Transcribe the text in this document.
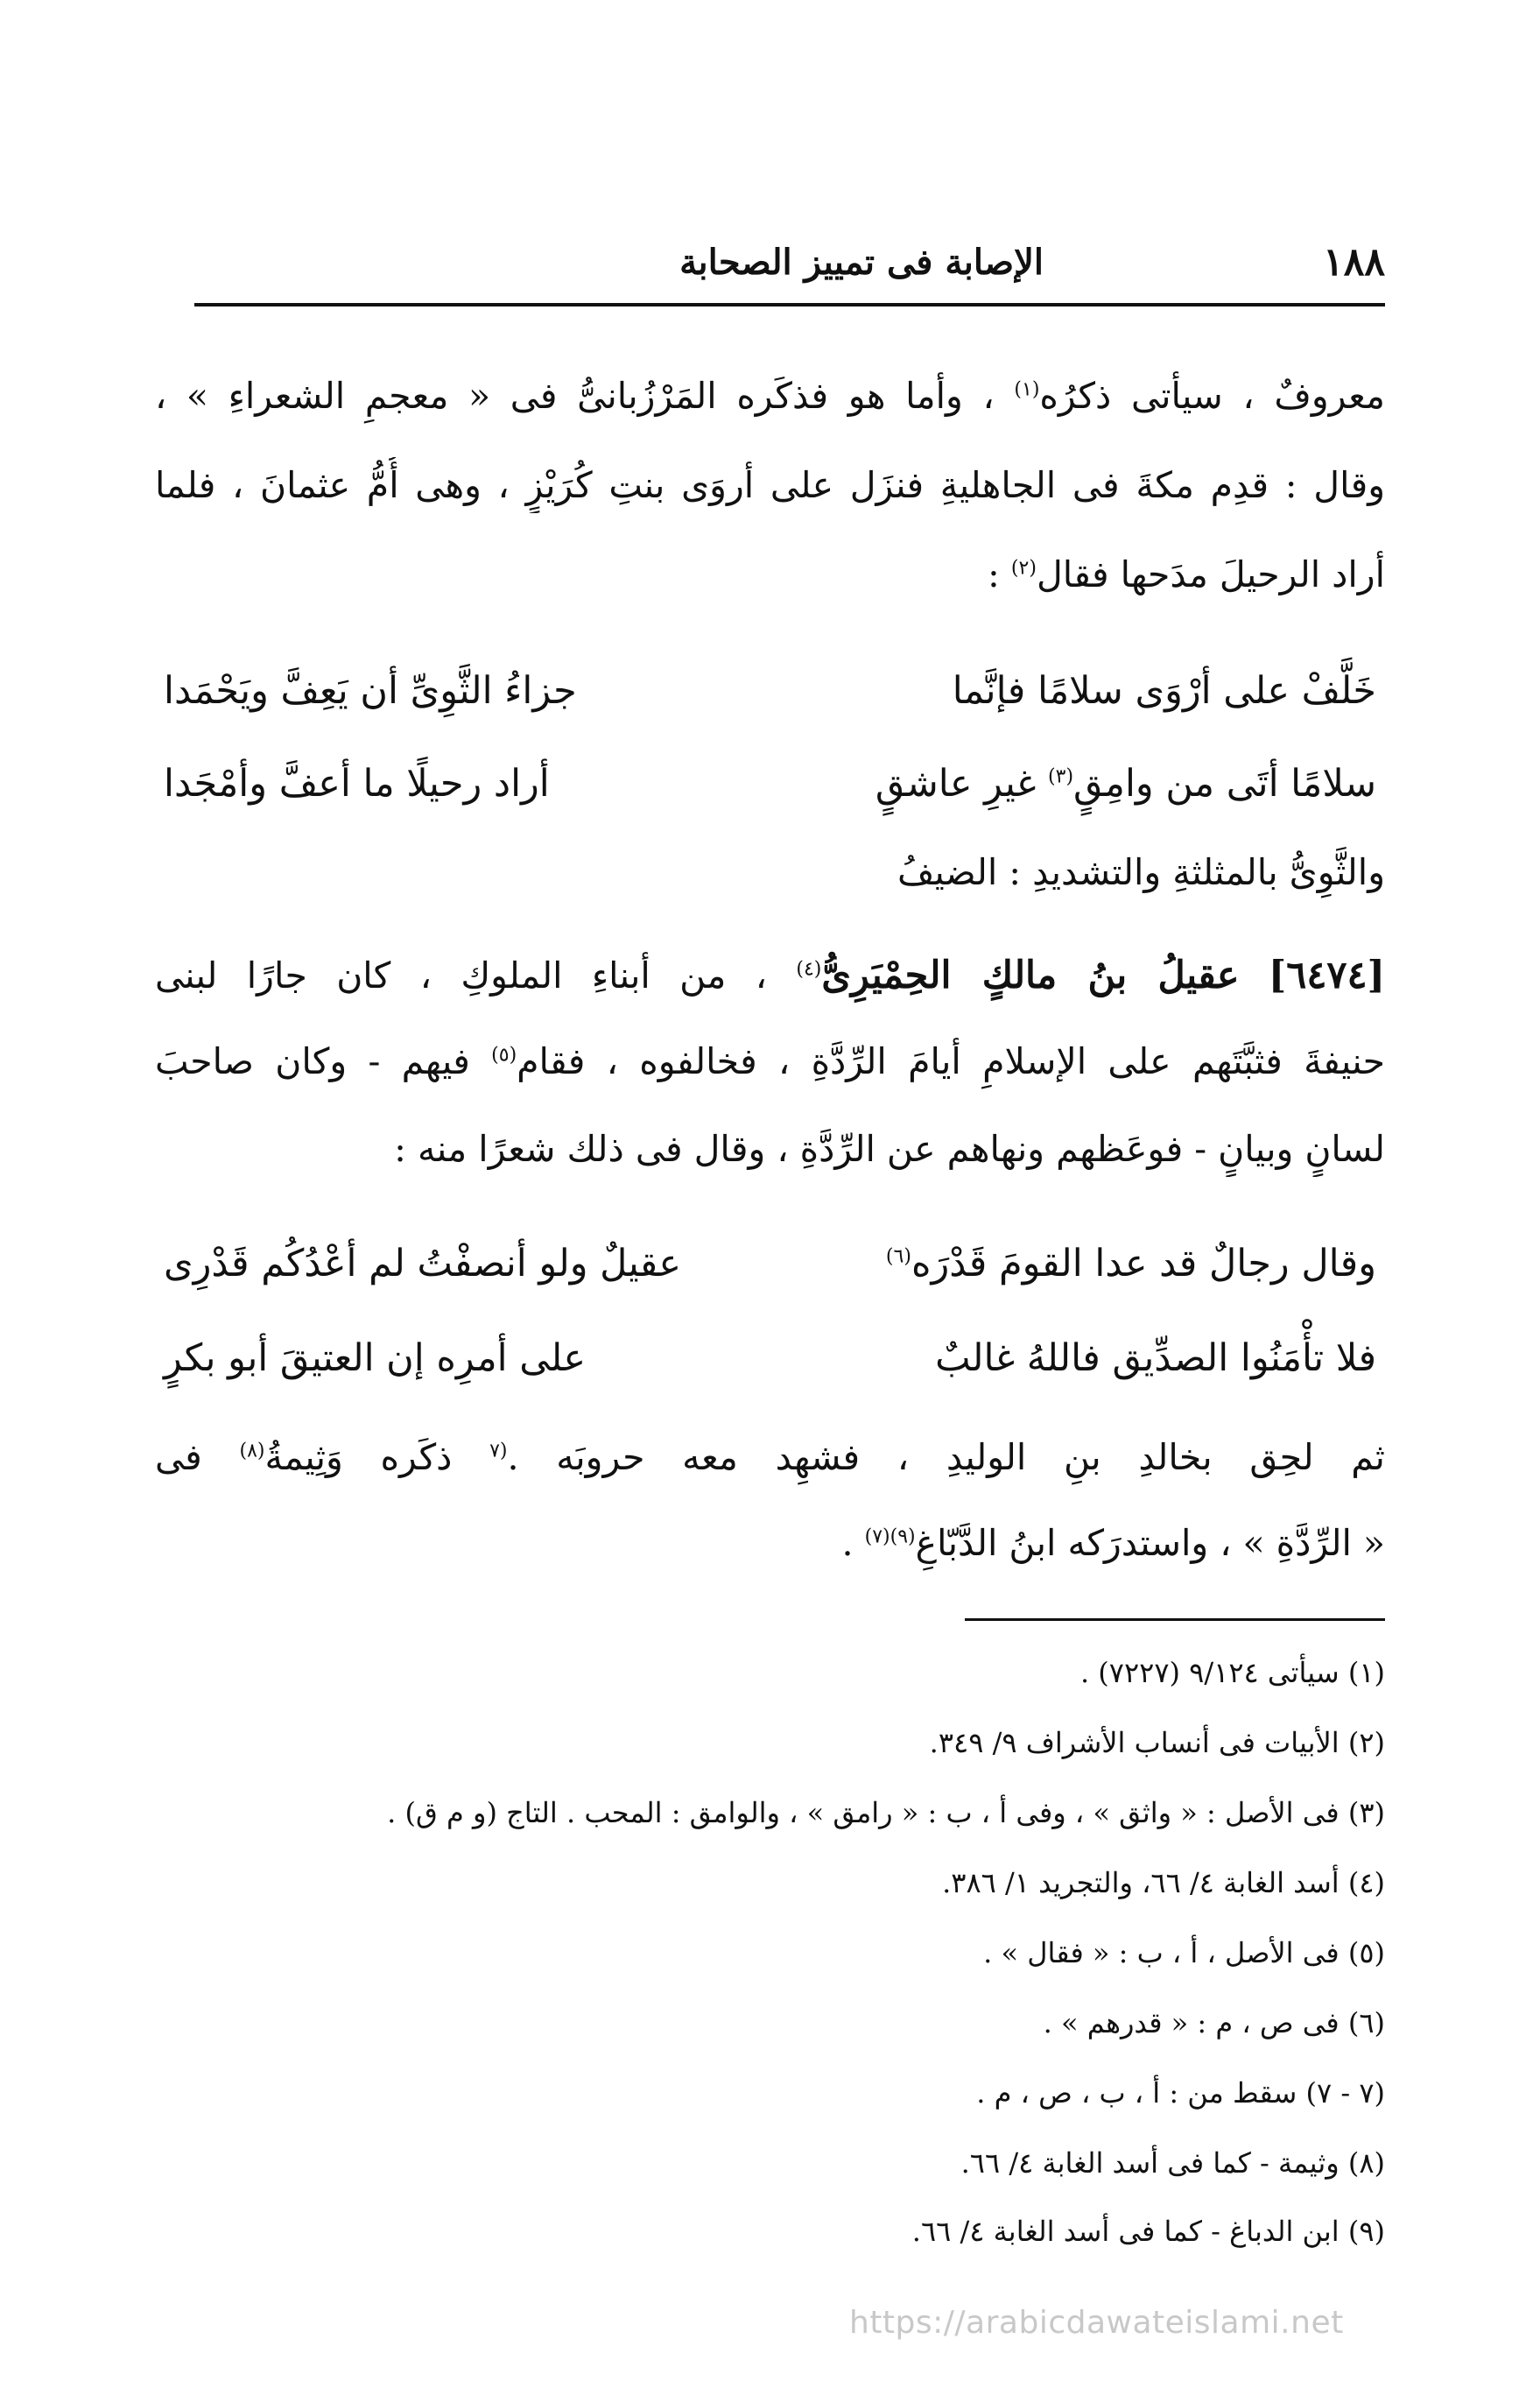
١٨٨
الإصابة فى تمييز الصحابة
معروفٌ ، سيأتى ذكرُه$^{(١)}$ ، وأما هو فذكَره المَرْزُبانىُّ فى « معجمِ الشعراءِ » ،
وقال : قدِم مكةَ فى الجاهليةِ فنزَل على أروَى بنتِ كُرَيْزٍ ، وهى أُمُّ عثمانَ ، فلما
أراد الرحيلَ مدَحها فقال$^{(٢)}$ :
خَلَّفْ على أرْوَى سلامًا فإنَّما
جزاءُ الثَّوِىِّ أن يَعِفَّ ويَحْمَدا
سلامًا أتَى من وامِقٍ$^{(٣)}$ غيرِ عاشقٍ
أراد رحيلًا ما أعفَّ وأمْجَدا
والثَّوِىُّ بالمثلثةِ والتشديدِ : الضيفُ
[٦٤٧٤] عقيلُ بنُ مالكٍ الحِمْيَرِىُّ$^{(٤)}$ ، من أبناءِ الملوكِ ، كان جارًا لبنى
حنيفةَ فثبَّتَهم على الإسلامِ أيامَ الرِّدَّةِ ، فخالفوه ، فقام$^{(٥)}$ فيهم - وكان صاحبَ
لسانٍ وبيانٍ - فوعَظهم ونهاهم عن الرِّدَّةِ ، وقال فى ذلك شعرًا منه :
وقال رجالٌ قد عدا القومَ قَدْرَه$^{(٦)}$
عقيلٌ ولو أنصفْتُ لم أعْدُكُم قَدْرِى
فلا تأْمَنُوا الصدِّيق فاللهُ غالبٌ
على أمرِه إن العتيقَ أبو بكرٍ
ثم لحِق بخالدِ بنِ الوليدِ ، فشهِد معه حروبَه .$^{(٧}$ ذكَره وَثِيمةُ$^{(٨)}$ فى
« الرِّدَّةِ » ، واستدرَكه ابنُ الدَّبّاغِ$^{(٩)(٧)}$ .
(١) سيأتى ٩/١٢٤ (٧٢٢٧) .
(٢) الأبيات فى أنساب الأشراف ٩/ ٣٤٩.
(٣) فى الأصل : « واثق » ، وفى أ ، ب : « رامق » ، والوامق : المحب . التاج (و م ق) .
(٤) أسد الغابة ٤/ ٦٦، والتجريد ١/ ٣٨٦.
(٥) فى الأصل ، أ ، ب : « فقال » .
(٦) فى ص ، م : « قدرهم » .
(٧ - ٧) سقط من : أ ، ب ، ص ، م .
(٨) وثيمة - كما فى أسد الغابة ٤/ ٦٦.
(٩) ابن الدباغ - كما فى أسد الغابة ٤/ ٦٦.
https://arabicdawateislami.net
